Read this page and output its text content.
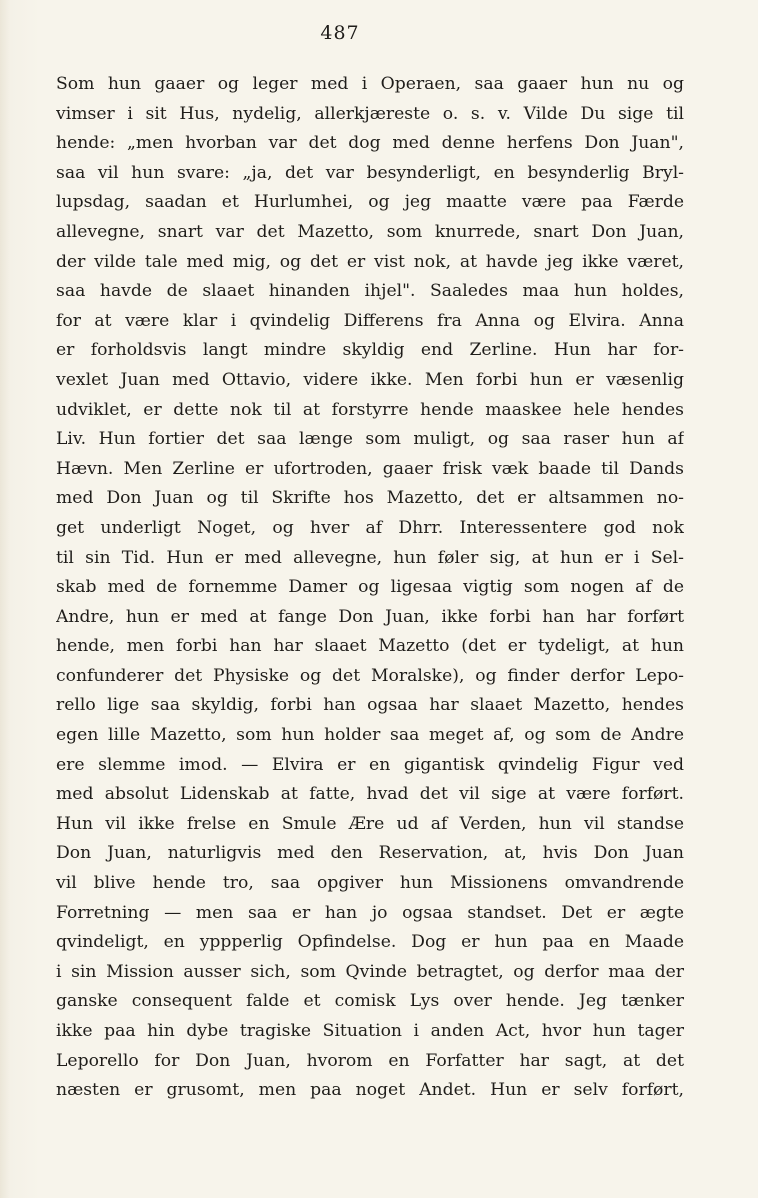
487
Som hun gaaer og leger med i Operaen, saa gaaer hun nu og
vimser i sit Hus, nydelig, allerkjæreste o. s. v. Vilde Du sige til
hende: „men hvorban var det dog med denne herfens Don Juan",
saa vil hun svare: „ja, det var besynderligt, en besynderlig Bryl-
lupsdag, saadan et Hurlumhei, og jeg maatte være paa Færde
allevegne, snart var det Mazetto, som knurrede, snart Don Juan,
der vilde tale med mig, og det er vist nok, at havde jeg ikke været,
saa havde de slaaet hinanden ihjel". Saaledes maa hun holdes,
for at være klar i qvindelig Differens fra Anna og Elvira. Anna
er forholdsvis langt mindre skyldig end Zerline. Hun har for-
vexlet Juan med Ottavio, videre ikke. Men forbi hun er væsenlig
udviklet, er dette nok til at forstyrre hende maaskee hele hendes
Liv. Hun fortier det saa længe som muligt, og saa raser hun af
Hævn. Men Zerline er ufortroden, gaaer frisk væk baade til Dands
med Don Juan og til Skrifte hos Mazetto, det er altsammen no-
get underligt Noget, og hver af Dhrr. Interessentere god nok
til sin Tid. Hun er med allevegne, hun føler sig, at hun er i Sel-
skab med de fornemme Damer og ligesaa vigtig som nogen af de
Andre, hun er med at fange Don Juan, ikke forbi han har forført
hende, men forbi han har slaaet Mazetto (det er tydeligt, at hun
confunderer det Physiske og det Moralske), og finder derfor Lepo-
rello lige saa skyldig, forbi han ogsaa har slaaet Mazetto, hendes
egen lille Mazetto, som hun holder saa meget af, og som de Andre
ere slemme imod. — Elvira er en gigantisk qvindelig Figur ved
med absolut Lidenskab at fatte, hvad det vil sige at være forført.
Hun vil ikke frelse en Smule Ære ud af Verden, hun vil standse
Don Juan, naturligvis med den Reservation, at, hvis Don Juan
vil blive hende tro, saa opgiver hun Missionens omvandrende
Forretning — men saa er han jo ogsaa standset. Det er ægte
qvindeligt, en yppperlig Opfindelse. Dog er hun paa en Maade
i sin Mission ausser sich, som Qvinde betragtet, og derfor maa der
ganske consequent falde et comisk Lys over hende. Jeg tænker
ikke paa hin dybe tragiske Situation i anden Act, hvor hun tager
Leporello for Don Juan, hvorom en Forfatter har sagt, at det
næsten er grusomt, men paa noget Andet. Hun er selv forført,
